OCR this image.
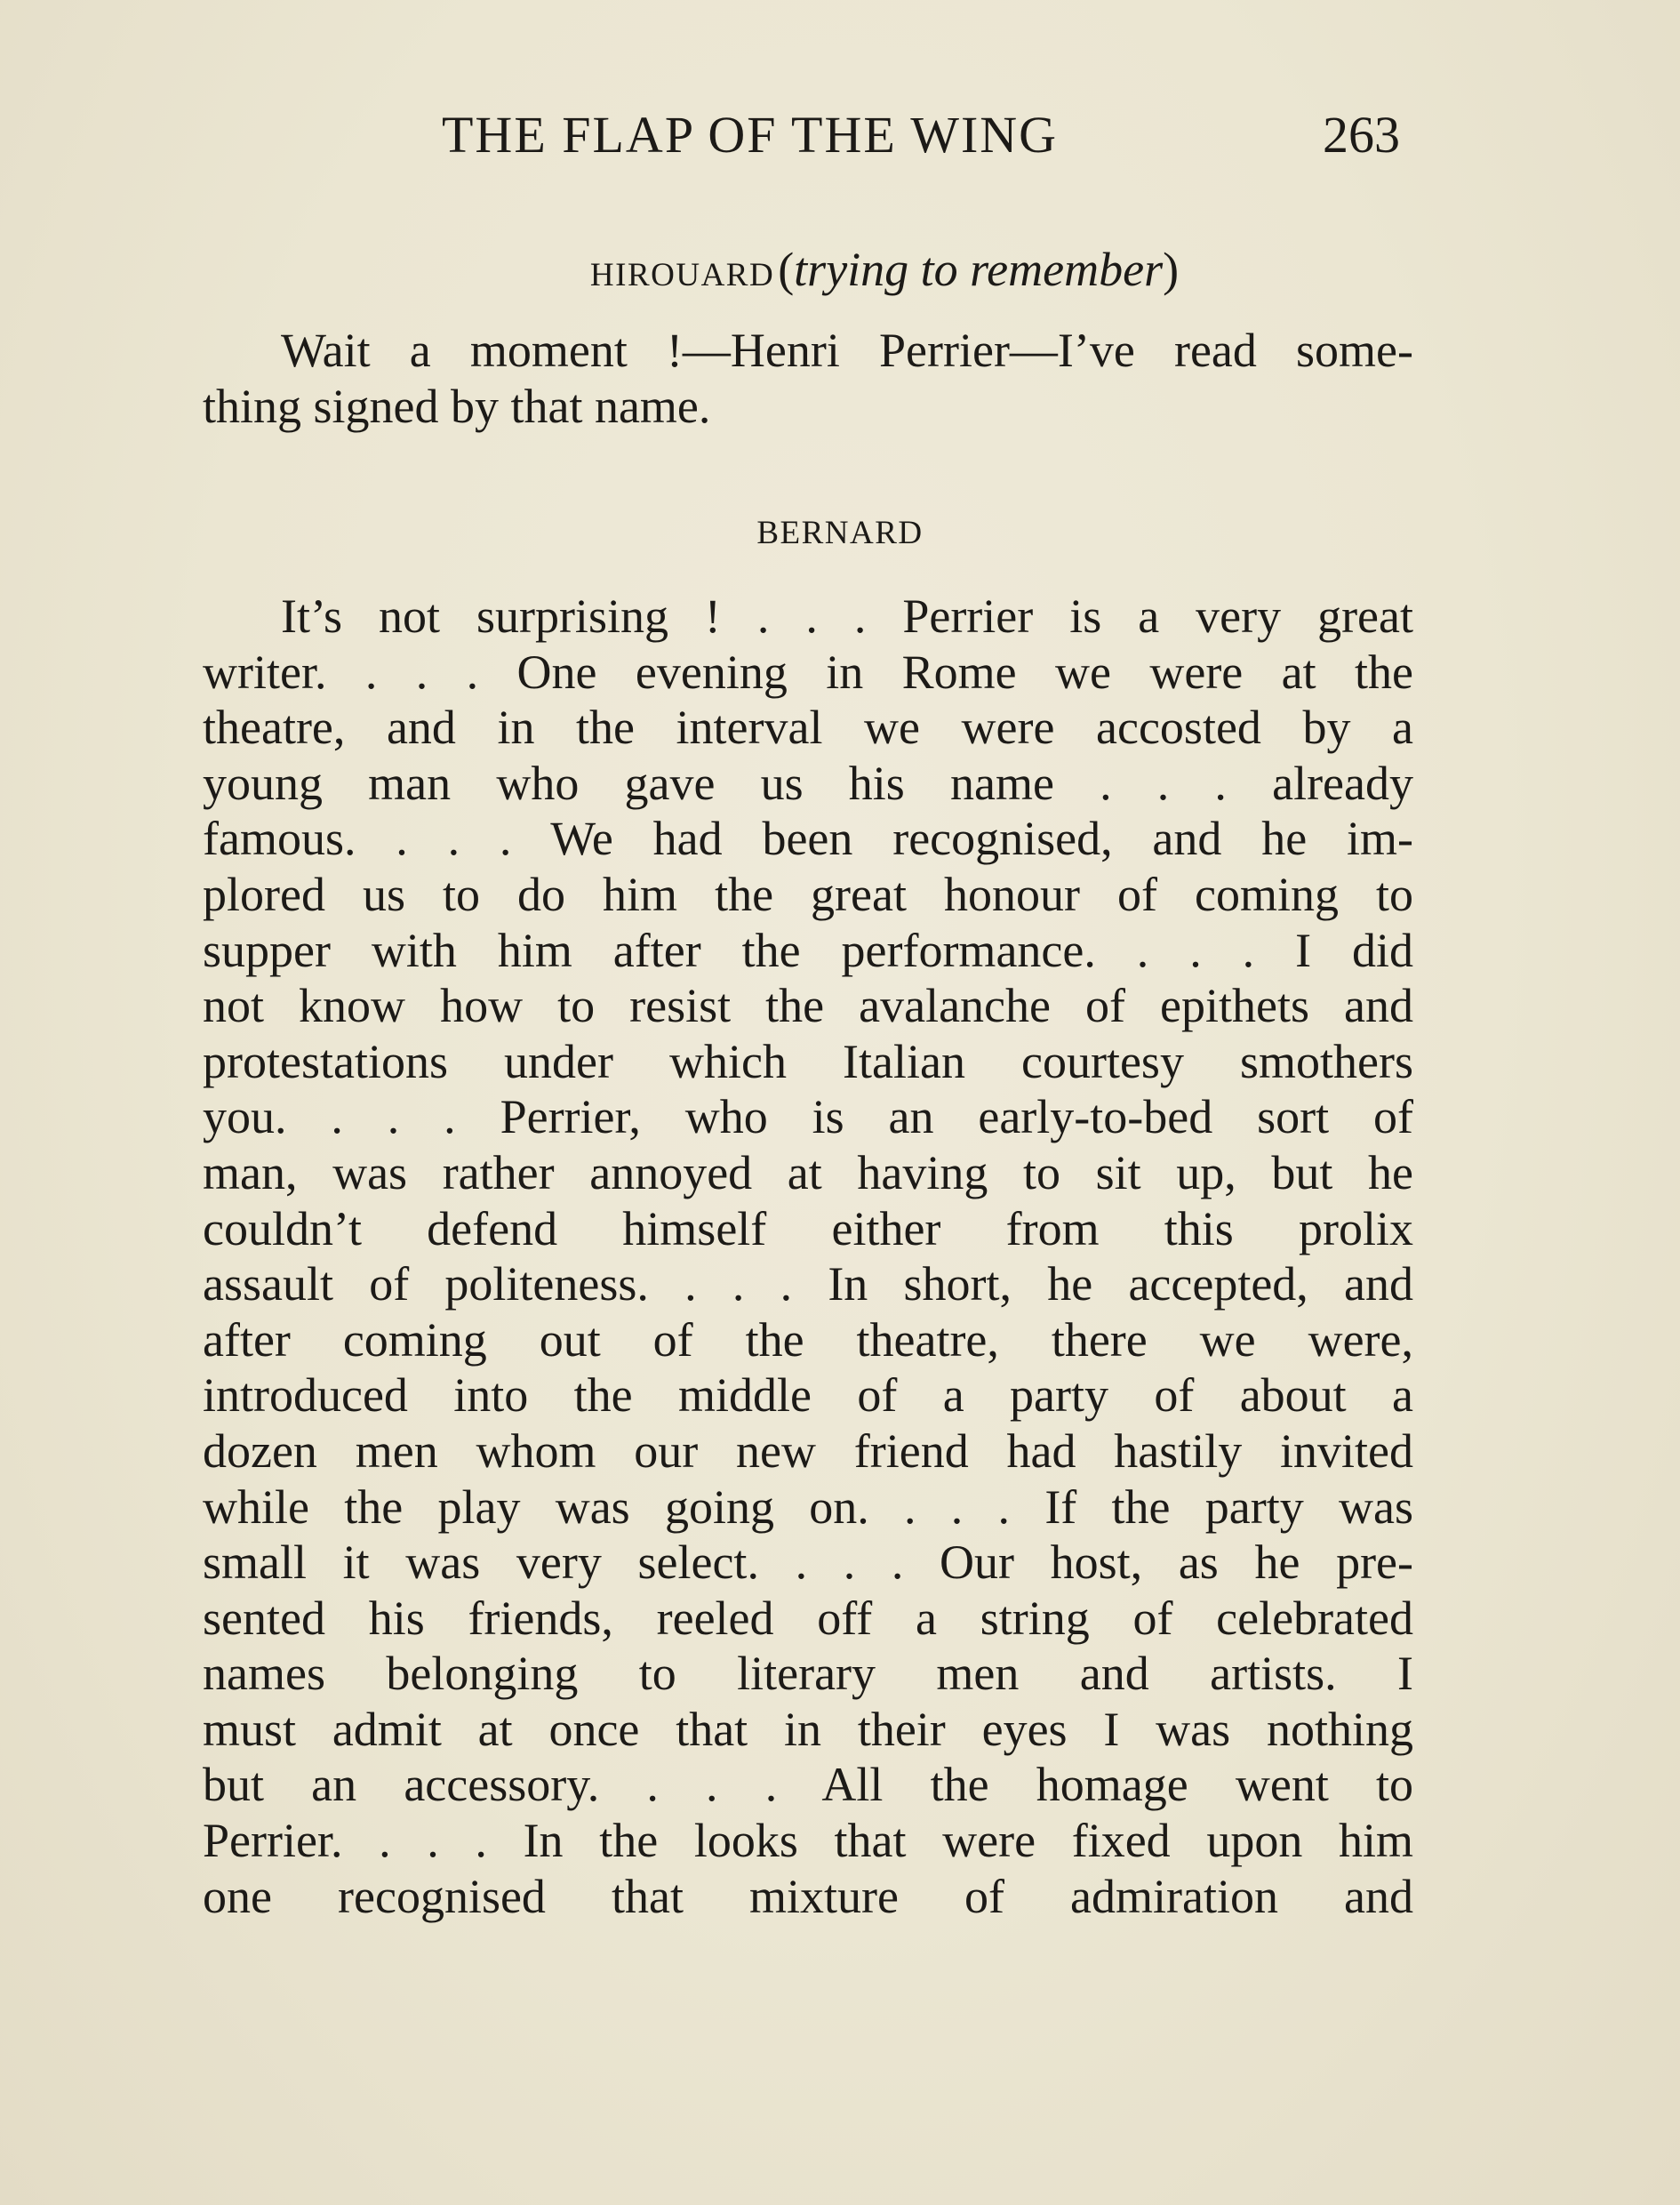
THE FLAP OF THE WING	263
HIROUARD (trying to remember)
Wait a moment !—Henri Perrier—I’ve read some-
thing signed by that name.
BERNARD
It’s not surprising ! . . . Perrier is a very great
writer. . . . One evening in Rome we were at the
theatre, and in the interval we were accosted by a
young man who gave us his name . . . already
famous. . . . We had been recognised, and he im-
plored us to do him the great honour of coming to
supper with him after the performance. . . . I did
not know how to resist the avalanche of epithets and
protestations under which Italian courtesy smothers
you. . . . Perrier, who is an early-to-bed sort of
man, was rather annoyed at having to sit up, but he
couldn’t defend himself either from this prolix
assault of politeness. . . . In short, he accepted, and
after coming out of the theatre, there we were,
introduced into the middle of a party of about a
dozen men whom our new friend had hastily invited
while the play was going on. . . . If the party was
small it was very select. . . . Our host, as he pre-
sented his friends, reeled off a string of celebrated
names belonging to literary men and artists. I
must admit at once that in their eyes I was nothing
but an accessory. . . . All the homage went to
Perrier. . . . In the looks that were fixed upon him
one recognised that mixture of admiration and
